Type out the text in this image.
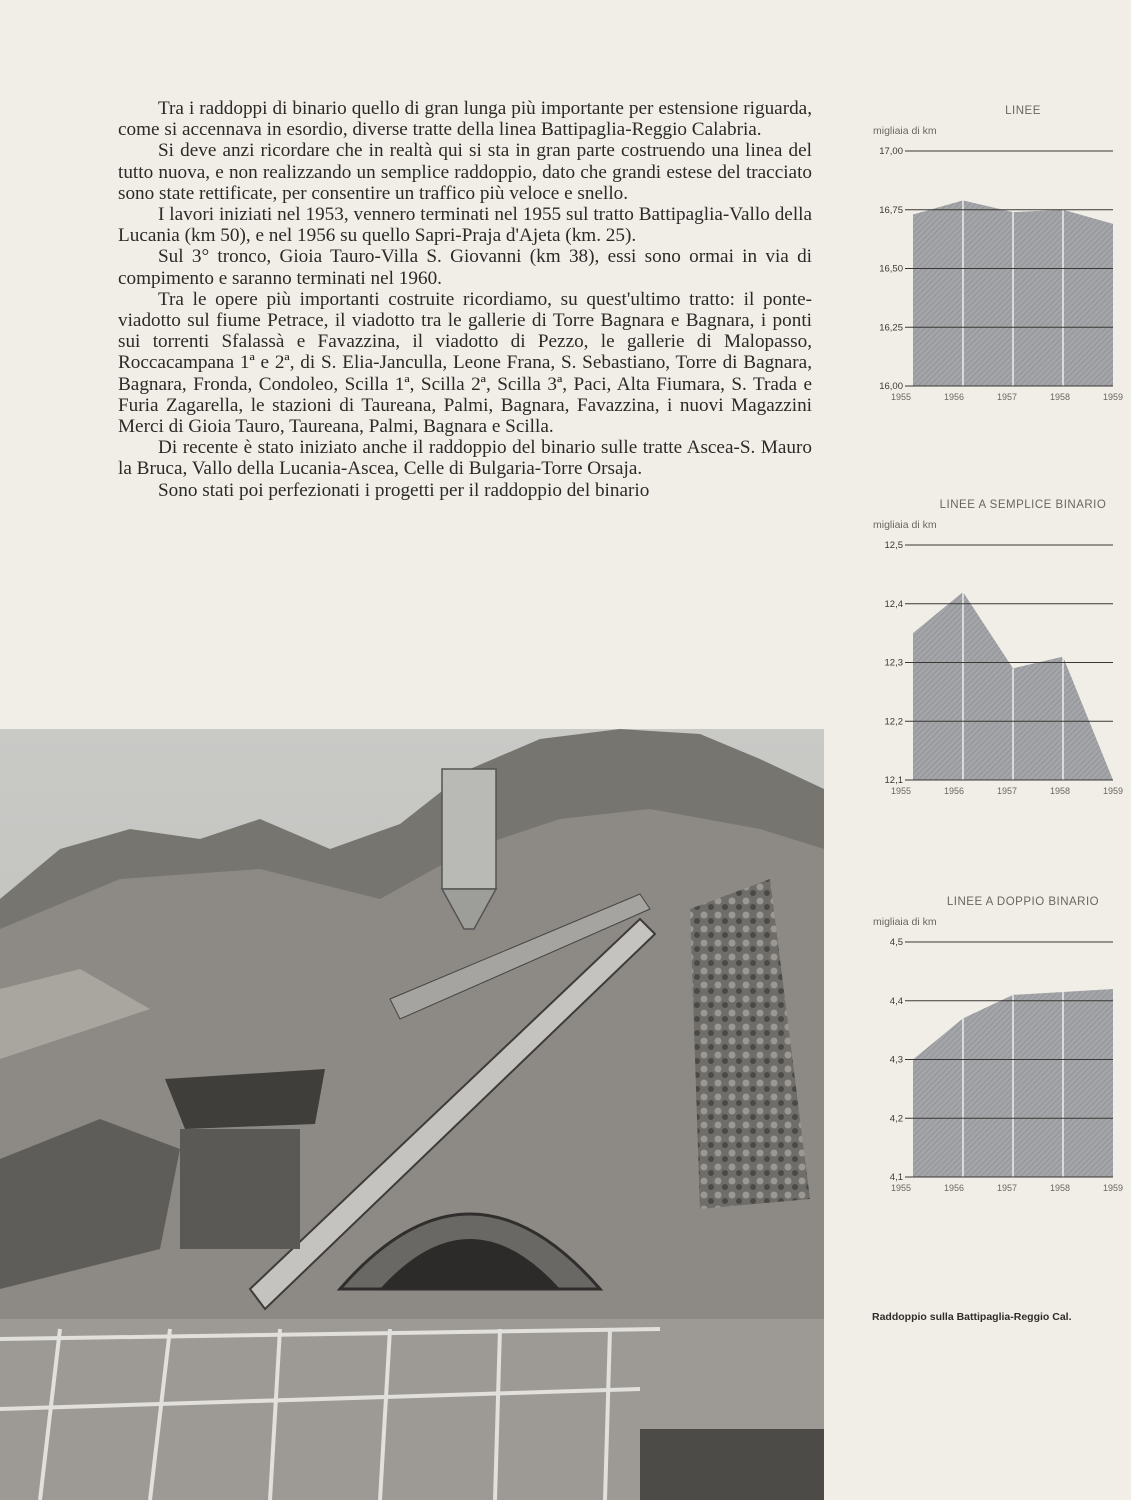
Tra i raddoppi di binario quello di gran lunga più importante per estensione riguarda, come si accennava in esordio, diverse tratte della linea Battipaglia-Reggio Calabria.

Si deve anzi ricordare che in realtà qui si sta in gran parte costruendo una linea del tutto nuova, e non realizzando un semplice raddoppio, dato che grandi estese del tracciato sono state rettificate, per consentire un traffico più veloce e snello.

I lavori iniziati nel 1953, vennero terminati nel 1955 sul tratto Battipaglia-Vallo della Lucania (km 50), e nel 1956 su quello Sapri-Praja d'Ajeta (km. 25).

Sul 3° tronco, Gioia Tauro-Villa S. Giovanni (km 38), essi sono ormai in via di compimento e saranno terminati nel 1960.

Tra le opere più importanti costruite ricordiamo, su quest'ultimo tratto: il ponte-viadotto sul fiume Petrace, il viadotto tra le gallerie di Torre Bagnara e Bagnara, i ponti sui torrenti Sfalassà e Favazzina, il viadotto di Pezzo, le gallerie di Malopasso, Roccacampana 1ª e 2ª, di S. Elia-Janculla, Leone Frana, S. Sebastiano, Torre di Bagnara, Bagnara, Fronda, Condoleo, Scilla 1ª, Scilla 2ª, Scilla 3ª, Paci, Alta Fiumara, S. Trada e Furia Zagarella, le stazioni di Taureana, Palmi, Bagnara, Favazzina, i nuovi Magazzini Merci di Gioia Tauro, Taureana, Palmi, Bagnara e Scilla.

Di recente è stato iniziato anche il raddoppio del binario sulle tratte Ascea-S. Mauro la Bruca, Vallo della Lucania-Ascea, Celle di Bulgaria-Torre Orsaja.

Sono stati poi perfezionati i progetti per il raddoppio del binario

LINEE
migliaia di km
16,00
16,25
16,50
16,75
17,00
1955	1956	1957	1958	1959
LINEE A SEMPLICE BINARIO
migliaia di km
12,1
12,2
12,3
12,4
12,5
1955	1956	1957	1958	1959
LINEE A DOPPIO BINARIO
migliaia di km
4,1
4,2
4,3
4,4
4,5
1955	1956	1957	1958	1959
Raddoppio sulla Battipaglia-Reggio Cal.
